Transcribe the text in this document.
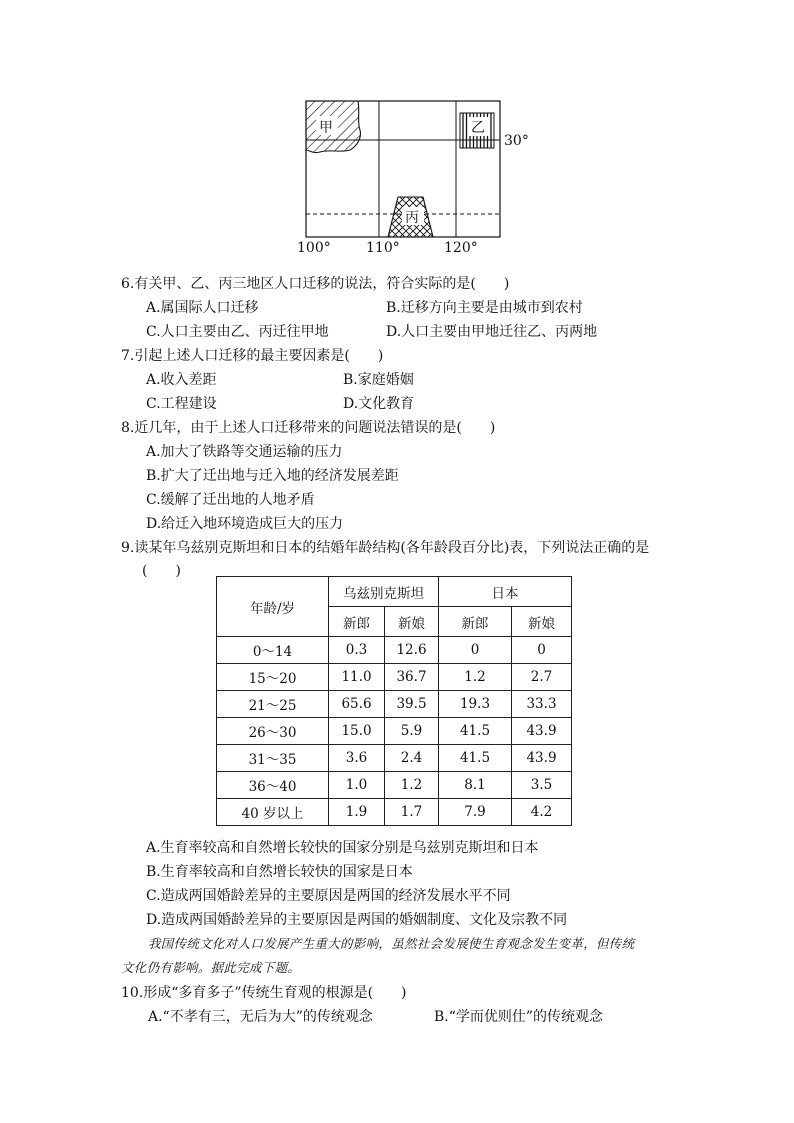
甲	乙
丙
30°
100°	110°	120°
6.有关甲、乙、丙三地区人口迁移的说法，符合实际的是(　　)
A.属国际人口迁移	B.迁移方向主要是由城市到农村
C.人口主要由乙、丙迁往甲地	D.人口主要由甲地迁往乙、丙两地
7.引起上述人口迁移的最主要因素是(　　)
A.收入差距	B.家庭婚姻
C.工程建设	D.文化教育
8.近几年，由于上述人口迁移带来的问题说法错误的是(　　)
A.加大了铁路等交通运输的压力
B.扩大了迁出地与迁入地的经济发展差距
C.缓解了迁出地的人地矛盾
D.给迁入地环境造成巨大的压力
9.读某年乌兹别克斯坦和日本的结婚年龄结构(各年龄段百分比)表，下列说法正确的是
(　　)
年龄/岁	乌兹别克斯坦		日本	
	新郎	新娘	新郎	新娘
0～14	0.3	12.6	0	0
15～20	11.0	36.7	1.2	2.7
21～25	65.6	39.5	19.3	33.3
26～30	15.0	5.9	41.5	43.9
31～35	3.6	2.4	41.5	43.9
36～40	1.0	1.2	8.1	3.5
40 岁以上	1.9	1.7	7.9	4.2
A.生育率较高和自然增长较快的国家分别是乌兹别克斯坦和日本
B.生育率较高和自然增长较快的国家是日本
C.造成两国婚龄差异的主要原因是两国的经济发展水平不同
D.造成两国婚龄差异的主要原因是两国的婚姻制度、文化及宗教不同
我国传统文化对人口发展产生重大的影响，虽然社会发展使生育观念发生变革，但传统
文化仍有影响。据此完成下题。
10.形成“多育多子”传统生育观的根源是(　　)
A.“不孝有三，无后为大”的传统观念	B.“学而优则仕”的传统观念
